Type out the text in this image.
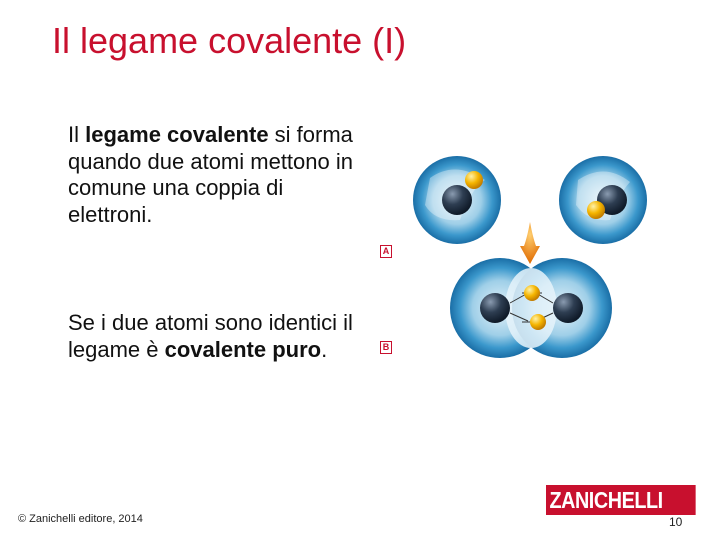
Il legame covalente (I)
Il legame covalente si forma quando due atomi mettono in comune una coppia di elettroni.
Se i due atomi sono identici il legame è covalente puro.
A
B
© Zanichelli editore, 2014
ZANICHELLI
10
